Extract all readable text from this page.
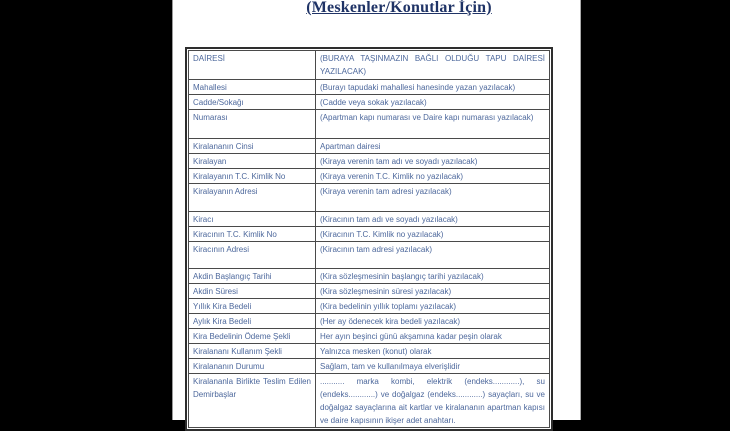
(Meskenler/Konutlar İçin)
DAİRESİ	(BURAYA TAŞINMAZIN BAĞLI OLDUĞU TAPU DAİRESİ YAZILACAK)
Mahallesi	(Burayı tapudaki mahallesi hanesinde yazan yazılacak)
Cadde/Sokağı	(Cadde veya sokak yazılacak)
Numarası	(Apartman kapı numarası ve Daire kapı numarası yazılacak)
Kiralananın Cinsi	Apartman dairesi
Kiralayan	(Kiraya verenin tam adı ve soyadı yazılacak)
Kiralayanın T.C. Kimlik No	(Kiraya verenin T.C. Kimlik no yazılacak)
Kiralayanın Adresi	(Kiraya verenin tam adresi yazılacak)
Kiracı	(Kiracının tam adı ve soyadı yazılacak)
Kiracının T.C. Kimlik No	(Kiracının T.C. Kimlik no yazılacak)
Kiracının Adresi	(Kiracının tam adresi yazılacak)
Akdin Başlangıç Tarihi	(Kira sözleşmesinin başlangıç tarihi yazılacak)
Akdin Süresi	(Kira sözleşmesinin süresi yazılacak)
Yıllık Kira Bedeli	(Kira bedelinin yıllık toplamı yazılacak)
Aylık Kira Bedeli	(Her ay ödenecek kira bedeli yazılacak)
Kira Bedelinin Ödeme Şekli	Her ayın beşinci günü akşamına kadar peşin olarak
Kiralananı Kullanım Şekli	Yalnızca mesken (konut) olarak
Kiralananın Durumu	Sağlam, tam ve kullanılmaya elverişlidir
Kiralananla Birlikte Teslim Edilen Demirbaşlar	........... marka kombi, elektrik (endeks............), su (endeks............) ve doğalgaz (endeks............) sayaçları, su ve doğalgaz sayaçlarına ait kartlar ve kiralananın apartman kapısı ve daire kapısının ikişer adet anahtarı.
